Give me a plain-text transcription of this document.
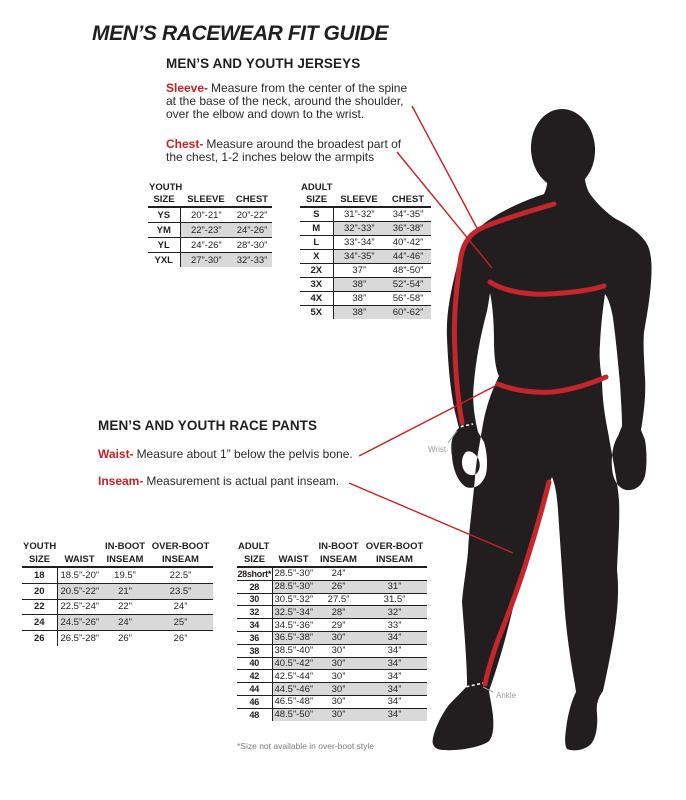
Wrist
Ankle
MEN’S RACEWEAR FIT GUIDE
MEN’S AND YOUTH JERSEYS
Sleeve- Measure from the center of the spine at the base of the neck, around the shoulder, over the elbow and down to the wrist.
Chest- Measure around the broadest part of the chest, 1-2 inches below the armpits
YOUTH		
SIZE	SLEEVE	CHEST
YS	20”-21”	20”-22”
YM	22”-23”	24”-26”
YL	24”-26”	28”-30”
YXL	27”-30”	32”-33”
ADULT		
SIZE	SLEEVE	CHEST
S	31”-32”	34”-35”
M	32”-33”	36”-38”
L	33”-34”	40”-42”
X	34”-35”	44”-46”
2X	37”	48”-50”
3X	38”	52”-54”
4X	38”	56”-58”
5X	38”	60”-62”
MEN’S AND YOUTH RACE PANTS
Waist- Measure about 1” below the pelvis bone.
Inseam- Measurement is actual pant inseam.
YOUTH		IN-BOOT	OVER-BOOT
SIZE	WAIST	INSEAM	INSEAM
18	18.5”-20”	19.5”	22.5”
20	20.5”-22”	21”	23.5”
22	22.5”-24”	22”	24”
24	24.5”-26”	24”	25”
26	26.5”-28”	26”	26”
ADULT		IN-BOOT	OVER-BOOT
SIZE	WAIST	INSEAM	INSEAM
28short*	28.5”-30”	24”	
28	28.5”-30”	26”	31”
30	30.5”-32”	27.5”	31.5”
32	32.5”-34”	28”	32”
34	34.5”-36”	29”	33”
36	36.5”-38”	30”	34”
38	38.5”-40”	30”	34”
40	40.5”-42”	30”	34”
42	42.5”-44”	30”	34”
44	44.5”-46”	30”	34”
46	46.5”-48”	30”	34”
48	48.5”-50”	30”	34”
*Size not available in over-boot style
